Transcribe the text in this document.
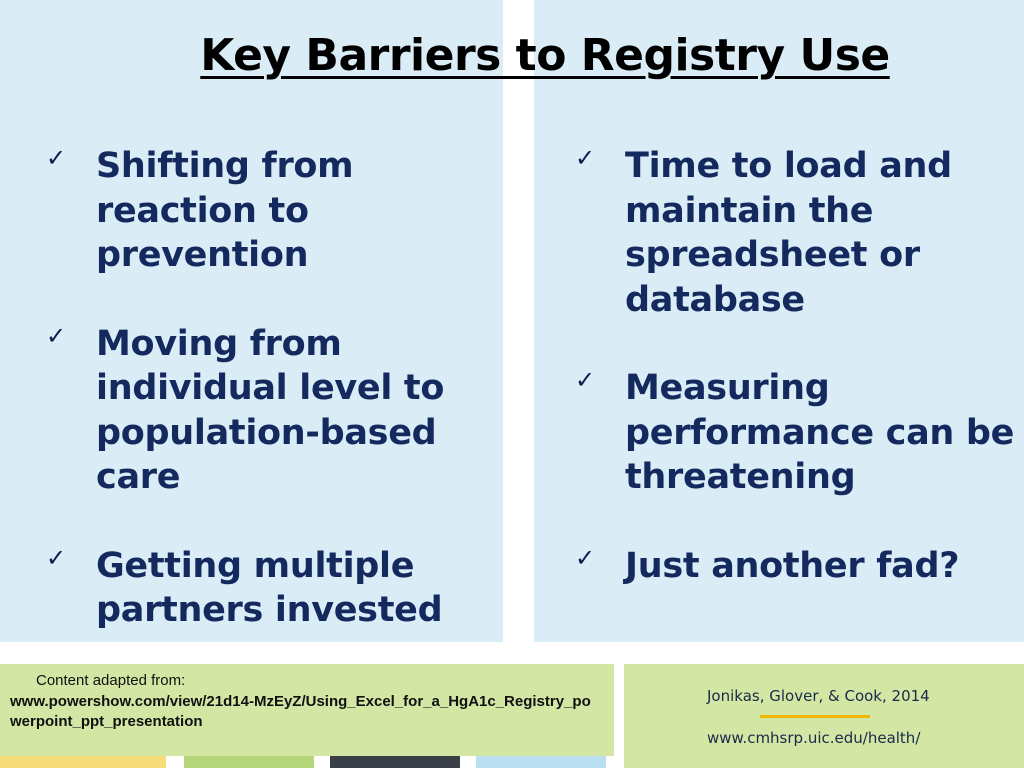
Key Barriers to Registry Use
✓ Shifting from reaction to prevention
✓ Moving from individual level to population-based care
✓ Getting multiple partners invested
✓ Time to load and maintain the spreadsheet or database
✓ Measuring performance can be threatening
✓ Just another fad?
Content adapted from:
www.powershow.com/view/21d14-MzEyZ/Using_Excel_for_a_HgA1c_Registry_powerpoint_ppt_presentation
Jonikas, Glover, & Cook, 2014
www.cmhsrp.uic.edu/health/
